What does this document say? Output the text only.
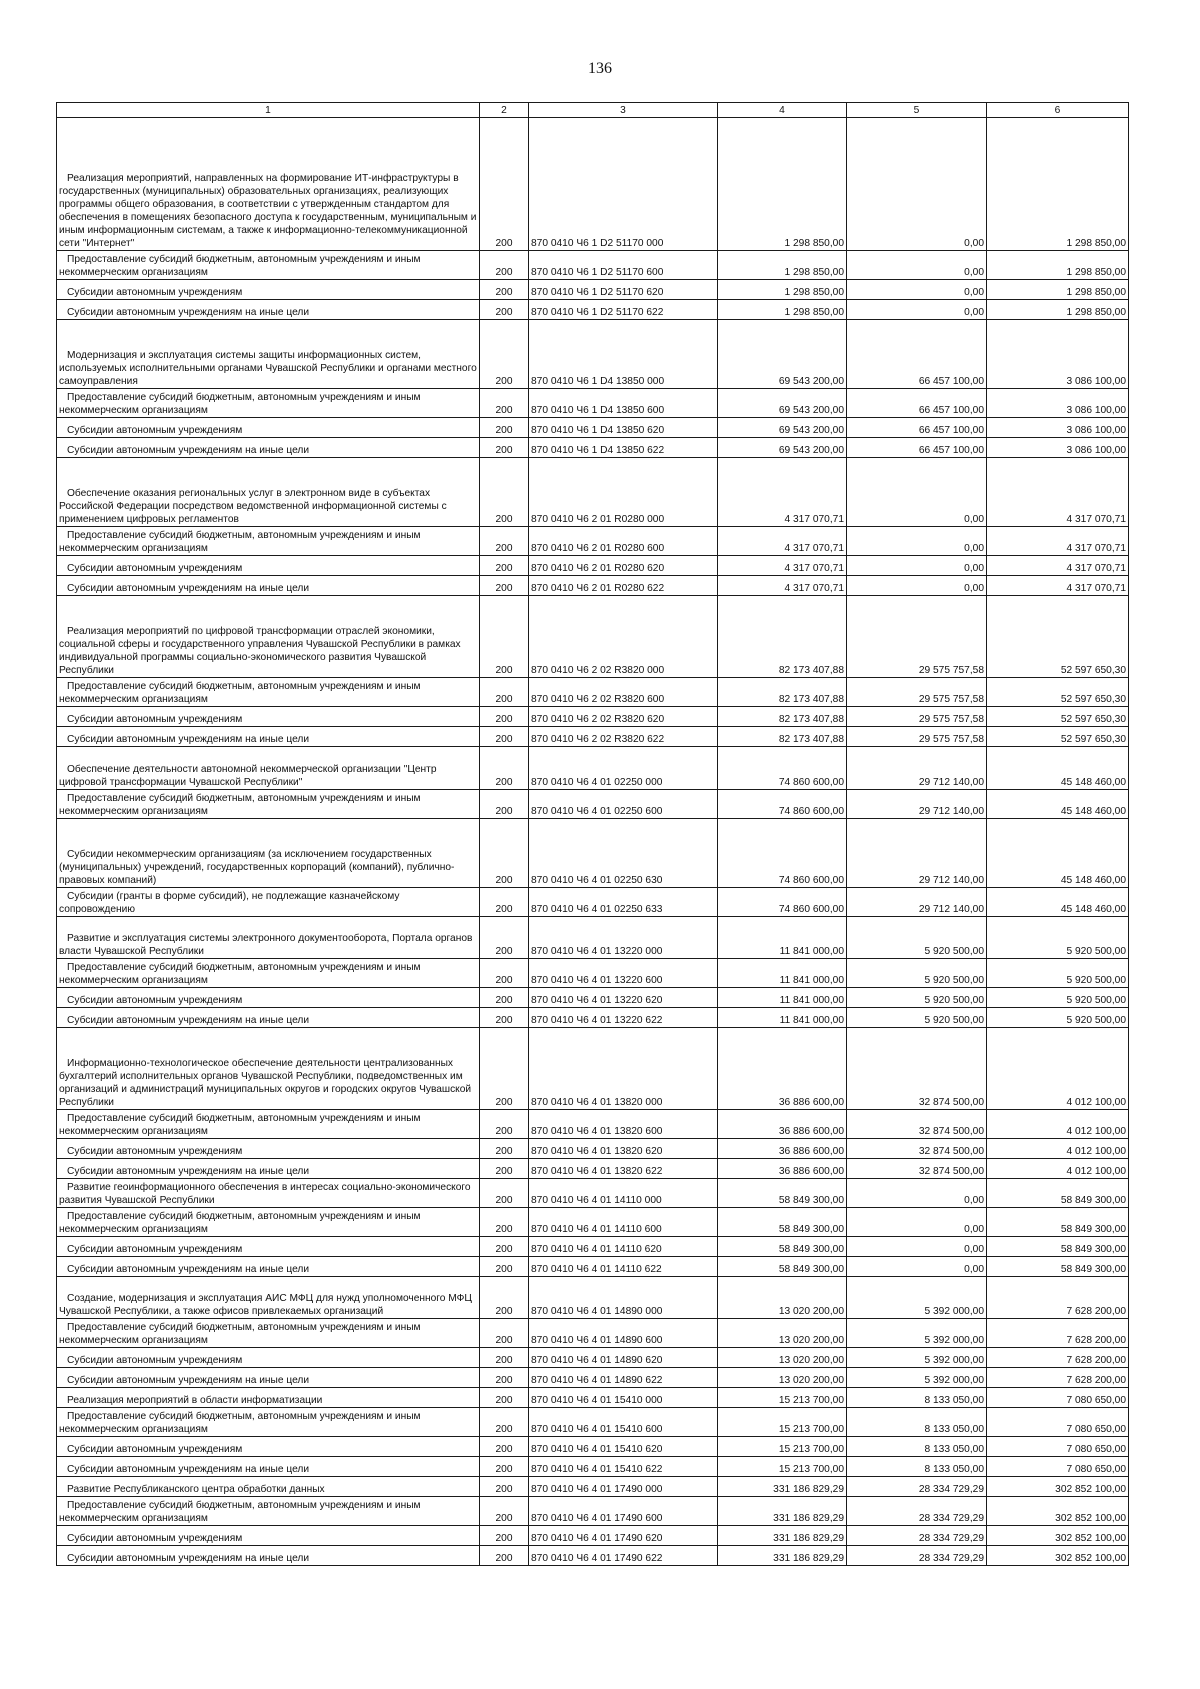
136
1	2	3	4	5	6

Реализация мероприятий, направленных на формирование ИТ-инфраструктуры в государственных (муниципальных) образовательных организациях, реализующих программы общего образования, в соответствии с утвержденным стандартом для обеспечения в помещениях безопасного доступа к государственным, муниципальным и иным информационным системам, а также к информационно-телекоммуникационной сети "Интернет"	200	870 0410 Ч6 1 D2 51170 000	1 298 850,00	0,00	1 298 850,00

Предоставление субсидий бюджетным, автономным учреждениям и иным некоммерческим организациям	200	870 0410 Ч6 1 D2 51170 600	1 298 850,00	0,00	1 298 850,00

Субсидии автономным учреждениям	200	870 0410 Ч6 1 D2 51170 620	1 298 850,00	0,00	1 298 850,00

Субсидии автономным учреждениям на иные цели	200	870 0410 Ч6 1 D2 51170 622	1 298 850,00	0,00	1 298 850,00

Модернизация и эксплуатация системы защиты информационных систем, используемых исполнительными органами Чувашской Республики и органами местного самоуправления	200	870 0410 Ч6 1 D4 13850 000	69 543 200,00	66 457 100,00	3 086 100,00

Предоставление субсидий бюджетным, автономным учреждениям и иным некоммерческим организациям	200	870 0410 Ч6 1 D4 13850 600	69 543 200,00	66 457 100,00	3 086 100,00

Субсидии автономным учреждениям	200	870 0410 Ч6 1 D4 13850 620	69 543 200,00	66 457 100,00	3 086 100,00

Субсидии автономным учреждениям на иные цели	200	870 0410 Ч6 1 D4 13850 622	69 543 200,00	66 457 100,00	3 086 100,00

Обеспечение оказания региональных услуг в электронном виде в субъектах Российской Федерации посредством ведомственной информационной системы с применением цифровых регламентов	200	870 0410 Ч6 2 01 R0280 000	4 317 070,71	0,00	4 317 070,71

Предоставление субсидий бюджетным, автономным учреждениям и иным некоммерческим организациям	200	870 0410 Ч6 2 01 R0280 600	4 317 070,71	0,00	4 317 070,71

Субсидии автономным учреждениям	200	870 0410 Ч6 2 01 R0280 620	4 317 070,71	0,00	4 317 070,71

Субсидии автономным учреждениям на иные цели	200	870 0410 Ч6 2 01 R0280 622	4 317 070,71	0,00	4 317 070,71

Реализация мероприятий по цифровой трансформации отраслей экономики, социальной сферы и государственного управления Чувашской Республики в рамках индивидуальной программы социально-экономического развития Чувашской Республики	200	870 0410 Ч6 2 02 R3820 000	82 173 407,88	29 575 757,58	52 597 650,30

Предоставление субсидий бюджетным, автономным учреждениям и иным некоммерческим организациям	200	870 0410 Ч6 2 02 R3820 600	82 173 407,88	29 575 757,58	52 597 650,30

Субсидии автономным учреждениям	200	870 0410 Ч6 2 02 R3820 620	82 173 407,88	29 575 757,58	52 597 650,30

Субсидии автономным учреждениям на иные цели	200	870 0410 Ч6 2 02 R3820 622	82 173 407,88	29 575 757,58	52 597 650,30

Обеспечение деятельности автономной некоммерческой организации "Центр цифровой трансформации Чувашской Республики"	200	870 0410 Ч6 4 01 02250 000	74 860 600,00	29 712 140,00	45 148 460,00

Предоставление субсидий бюджетным, автономным учреждениям и иным некоммерческим организациям	200	870 0410 Ч6 4 01 02250 600	74 860 600,00	29 712 140,00	45 148 460,00

Субсидии некоммерческим организациям (за исключением государственных (муниципальных) учреждений, государственных корпораций (компаний), публично-правовых компаний)	200	870 0410 Ч6 4 01 02250 630	74 860 600,00	29 712 140,00	45 148 460,00

Субсидии (гранты в форме субсидий), не подлежащие казначейскому сопровождению	200	870 0410 Ч6 4 01 02250 633	74 860 600,00	29 712 140,00	45 148 460,00

Развитие и эксплуатация системы электронного документооборота, Портала органов власти Чувашской Республики	200	870 0410 Ч6 4 01 13220 000	11 841 000,00	5 920 500,00	5 920 500,00

Предоставление субсидий бюджетным, автономным учреждениям и иным некоммерческим организациям	200	870 0410 Ч6 4 01 13220 600	11 841 000,00	5 920 500,00	5 920 500,00

Субсидии автономным учреждениям	200	870 0410 Ч6 4 01 13220 620	11 841 000,00	5 920 500,00	5 920 500,00

Субсидии автономным учреждениям на иные цели	200	870 0410 Ч6 4 01 13220 622	11 841 000,00	5 920 500,00	5 920 500,00

Информационно-технологическое обеспечение деятельности централизованных бухгалтерий исполнительных органов Чувашской Республики, подведомственных им организаций и администраций муниципальных округов и городских округов Чувашской Республики	200	870 0410 Ч6 4 01 13820 000	36 886 600,00	32 874 500,00	4 012 100,00

Предоставление субсидий бюджетным, автономным учреждениям и иным некоммерческим организациям	200	870 0410 Ч6 4 01 13820 600	36 886 600,00	32 874 500,00	4 012 100,00

Субсидии автономным учреждениям	200	870 0410 Ч6 4 01 13820 620	36 886 600,00	32 874 500,00	4 012 100,00

Субсидии автономным учреждениям на иные цели	200	870 0410 Ч6 4 01 13820 622	36 886 600,00	32 874 500,00	4 012 100,00

Развитие геоинформационного обеспечения в интересах социально-экономического развития Чувашской Республики	200	870 0410 Ч6 4 01 14110 000	58 849 300,00	0,00	58 849 300,00

Предоставление субсидий бюджетным, автономным учреждениям и иным некоммерческим организациям	200	870 0410 Ч6 4 01 14110 600	58 849 300,00	0,00	58 849 300,00

Субсидии автономным учреждениям	200	870 0410 Ч6 4 01 14110 620	58 849 300,00	0,00	58 849 300,00

Субсидии автономным учреждениям на иные цели	200	870 0410 Ч6 4 01 14110 622	58 849 300,00	0,00	58 849 300,00

Создание, модернизация и эксплуатация АИС МФЦ для нужд уполномоченного МФЦ Чувашской Республики, а также офисов привлекаемых организаций	200	870 0410 Ч6 4 01 14890 000	13 020 200,00	5 392 000,00	7 628 200,00

Предоставление субсидий бюджетным, автономным учреждениям и иным некоммерческим организациям	200	870 0410 Ч6 4 01 14890 600	13 020 200,00	5 392 000,00	7 628 200,00

Субсидии автономным учреждениям	200	870 0410 Ч6 4 01 14890 620	13 020 200,00	5 392 000,00	7 628 200,00

Субсидии автономным учреждениям на иные цели	200	870 0410 Ч6 4 01 14890 622	13 020 200,00	5 392 000,00	7 628 200,00

Реализация мероприятий в области информатизации	200	870 0410 Ч6 4 01 15410 000	15 213 700,00	8 133 050,00	7 080 650,00

Предоставление субсидий бюджетным, автономным учреждениям и иным некоммерческим организациям	200	870 0410 Ч6 4 01 15410 600	15 213 700,00	8 133 050,00	7 080 650,00

Субсидии автономным учреждениям	200	870 0410 Ч6 4 01 15410 620	15 213 700,00	8 133 050,00	7 080 650,00

Субсидии автономным учреждениям на иные цели	200	870 0410 Ч6 4 01 15410 622	15 213 700,00	8 133 050,00	7 080 650,00

Развитие Республиканского центра обработки данных	200	870 0410 Ч6 4 01 17490 000	331 186 829,29	28 334 729,29	302 852 100,00

Предоставление субсидий бюджетным, автономным учреждениям и иным некоммерческим организациям	200	870 0410 Ч6 4 01 17490 600	331 186 829,29	28 334 729,29	302 852 100,00

Субсидии автономным учреждениям	200	870 0410 Ч6 4 01 17490 620	331 186 829,29	28 334 729,29	302 852 100,00

Субсидии автономным учреждениям на иные цели	200	870 0410 Ч6 4 01 17490 622	331 186 829,29	28 334 729,29	302 852 100,00
